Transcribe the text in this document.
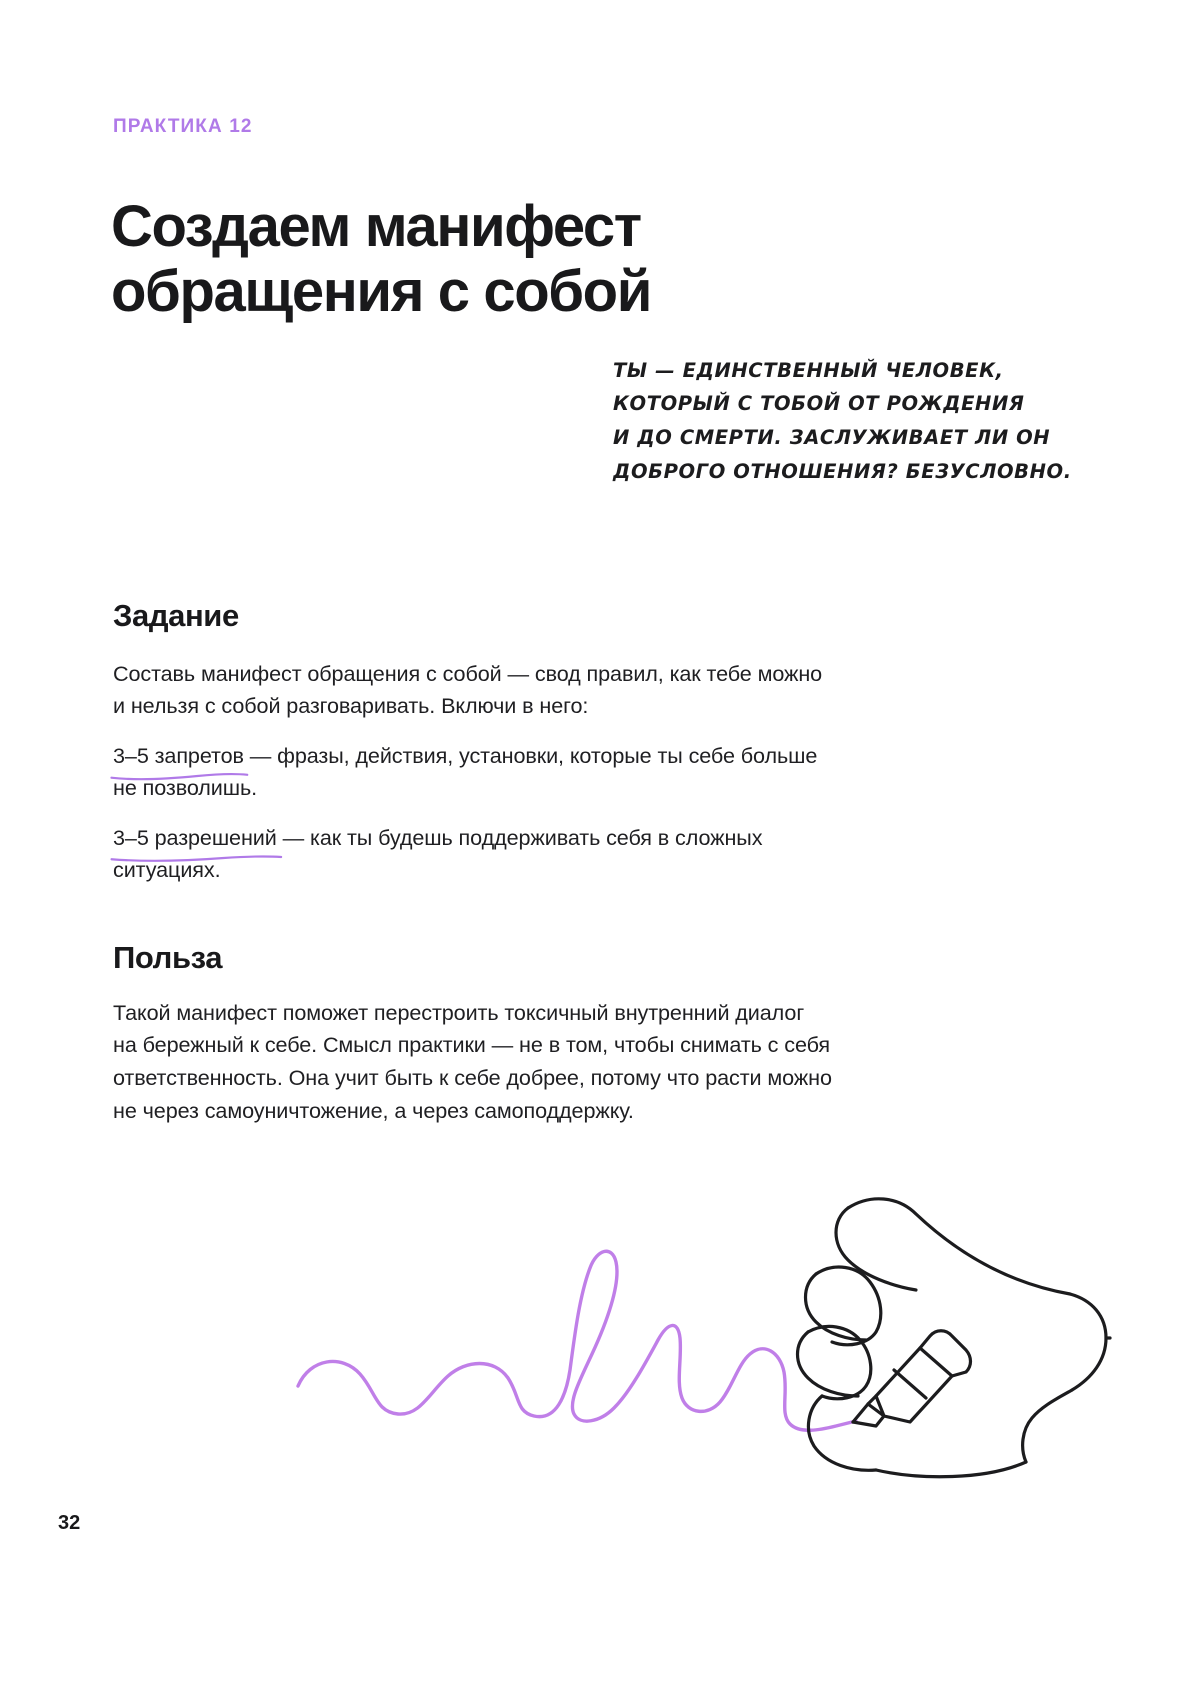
ПРАКТИКА 12
Создаем манифест
обращения с собой
ТЫ — ЕДИНСТВЕННЫЙ ЧЕЛОВЕК,
КОТОРЫЙ С ТОБОЙ ОТ РОЖДЕНИЯ
И ДО СМЕРТИ. ЗАСЛУЖИВАЕТ ЛИ ОН
ДОБРОГО ОТНОШЕНИЯ? БЕЗУСЛОВНО.
Задание

Составь манифест обращения с собой — свод правил, как тебе можно
и нельзя с собой разговаривать. Включи в него:

3–5 запретов
— фразы, действия, установки, которые ты себе больше
не позволишь.

3–5 разрешений
— как ты будешь поддерживать себя в сложных
ситуациях.

Польза

Такой манифест поможет перестроить токсичный внутренний диалог
на бережный к себе. Смысл практики — не в том, чтобы снимать с себя
ответственность. Она учит быть к себе добрее, потому что расти можно
не через самоуничтожение, а через самоподдержку.

32
